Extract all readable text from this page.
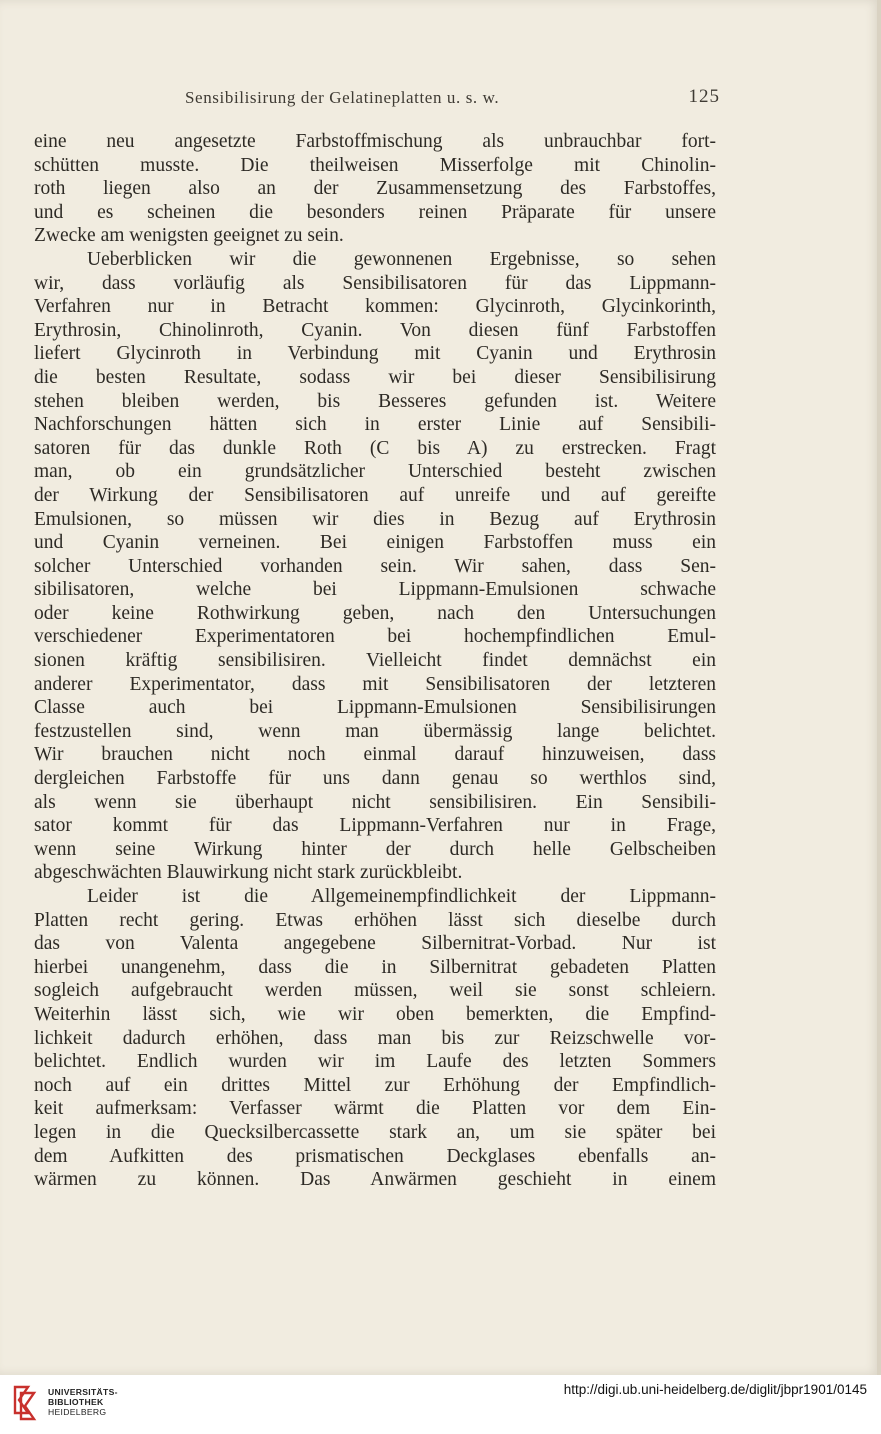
Sensibilisirung der Gelatineplatten u. s. w.	125
eine neu angesetzte Farbstoffmischung als unbrauchbar fort-
schütten musste. Die theilweisen Misserfolge mit Chinolin-
roth liegen also an der Zusammensetzung des Farbstoffes,
und es scheinen die besonders reinen Präparate für unsere
Zwecke am wenigsten geeignet zu sein.
Ueberblicken wir die gewonnenen Ergebnisse, so sehen
wir, dass vorläufig als Sensibilisatoren für das Lippmann-
Verfahren nur in Betracht kommen: Glycinroth, Glycinkorinth,
Erythrosin, Chinolinroth, Cyanin. Von diesen fünf Farbstoffen
liefert Glycinroth in Verbindung mit Cyanin und Erythrosin
die besten Resultate, sodass wir bei dieser Sensibilisirung
stehen bleiben werden, bis Besseres gefunden ist. Weitere
Nachforschungen hätten sich in erster Linie auf Sensibili-
satoren für das dunkle Roth (C bis A) zu erstrecken. Fragt
man, ob ein grundsätzlicher Unterschied besteht zwischen
der Wirkung der Sensibilisatoren auf unreife und auf gereifte
Emulsionen, so müssen wir dies in Bezug auf Erythrosin
und Cyanin verneinen. Bei einigen Farbstoffen muss ein
solcher Unterschied vorhanden sein. Wir sahen, dass Sen-
sibilisatoren, welche bei Lippmann-Emulsionen schwache
oder keine Rothwirkung geben, nach den Untersuchungen
verschiedener Experimentatoren bei hochempfindlichen Emul-
sionen kräftig sensibilisiren. Vielleicht findet demnächst ein
anderer Experimentator, dass mit Sensibilisatoren der letzteren
Classe auch bei Lippmann-Emulsionen Sensibilisirungen
festzustellen sind, wenn man übermässig lange belichtet.
Wir brauchen nicht noch einmal darauf hinzuweisen, dass
dergleichen Farbstoffe für uns dann genau so werthlos sind,
als wenn sie überhaupt nicht sensibilisiren. Ein Sensibili-
sator kommt für das Lippmann-Verfahren nur in Frage,
wenn seine Wirkung hinter der durch helle Gelbscheiben
abgeschwächten Blauwirkung nicht stark zurückbleibt.
Leider ist die Allgemeinempfindlichkeit der Lippmann-
Platten recht gering. Etwas erhöhen lässt sich dieselbe durch
das von Valenta angegebene Silbernitrat-Vorbad. Nur ist
hierbei unangenehm, dass die in Silbernitrat gebadeten Platten
sogleich aufgebraucht werden müssen, weil sie sonst schleiern.
Weiterhin lässt sich, wie wir oben bemerkten, die Empfind-
lichkeit dadurch erhöhen, dass man bis zur Reizschwelle vor-
belichtet. Endlich wurden wir im Laufe des letzten Sommers
noch auf ein drittes Mittel zur Erhöhung der Empfindlich-
keit aufmerksam: Verfasser wärmt die Platten vor dem Ein-
legen in die Quecksilbercassette stark an, um sie später bei
dem Aufkitten des prismatischen Deckglases ebenfalls an-
wärmen zu können. Das Anwärmen geschieht in einem
UNIVERSITÄTS-
BIBLIOTHEK
HEIDELBERG
http://digi.ub.uni-heidelberg.de/diglit/jbpr1901/0145
